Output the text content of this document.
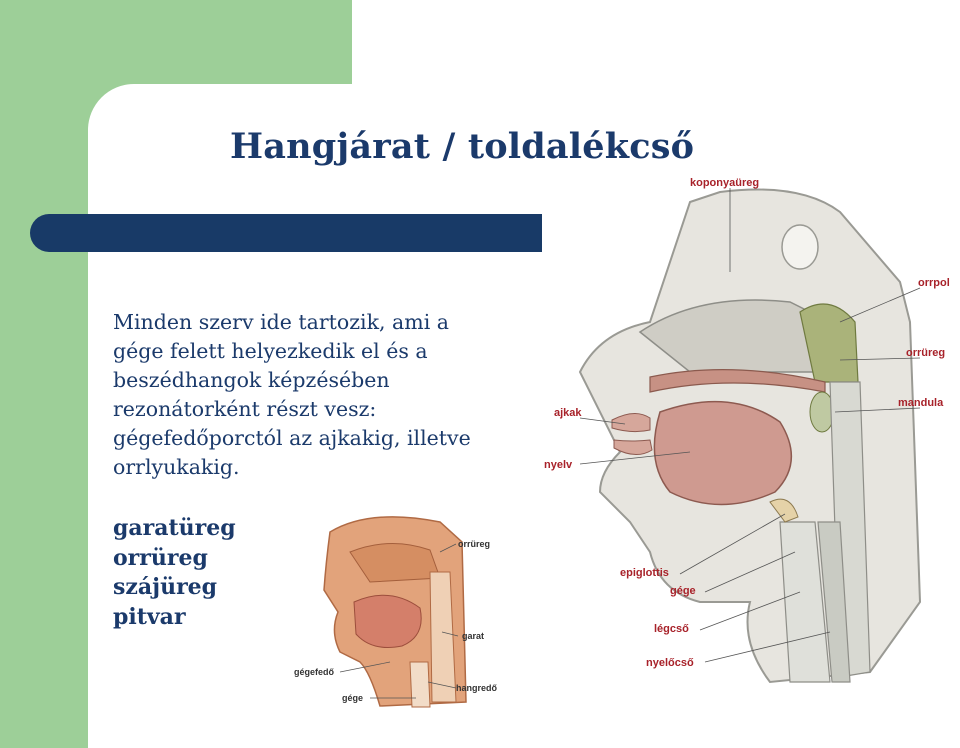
Hangjárat / toldalékcső

Minden szerv ide tartozik, ami a
gége felett helyezkedik el és a
beszédhangok képzésében
rezonátorként részt vesz:
gégefedőporctól az ajkakig, illetve
orrlyukakig.

garatüreg
orrüreg
szájüreg
pitvar
koponyaüreg
orrpol
orrüreg
mandula
ajkak
nyelv
epiglottis
gége
légcső
nyelőcső
orrüreg
garat
gégefedő
hangredő
gége
